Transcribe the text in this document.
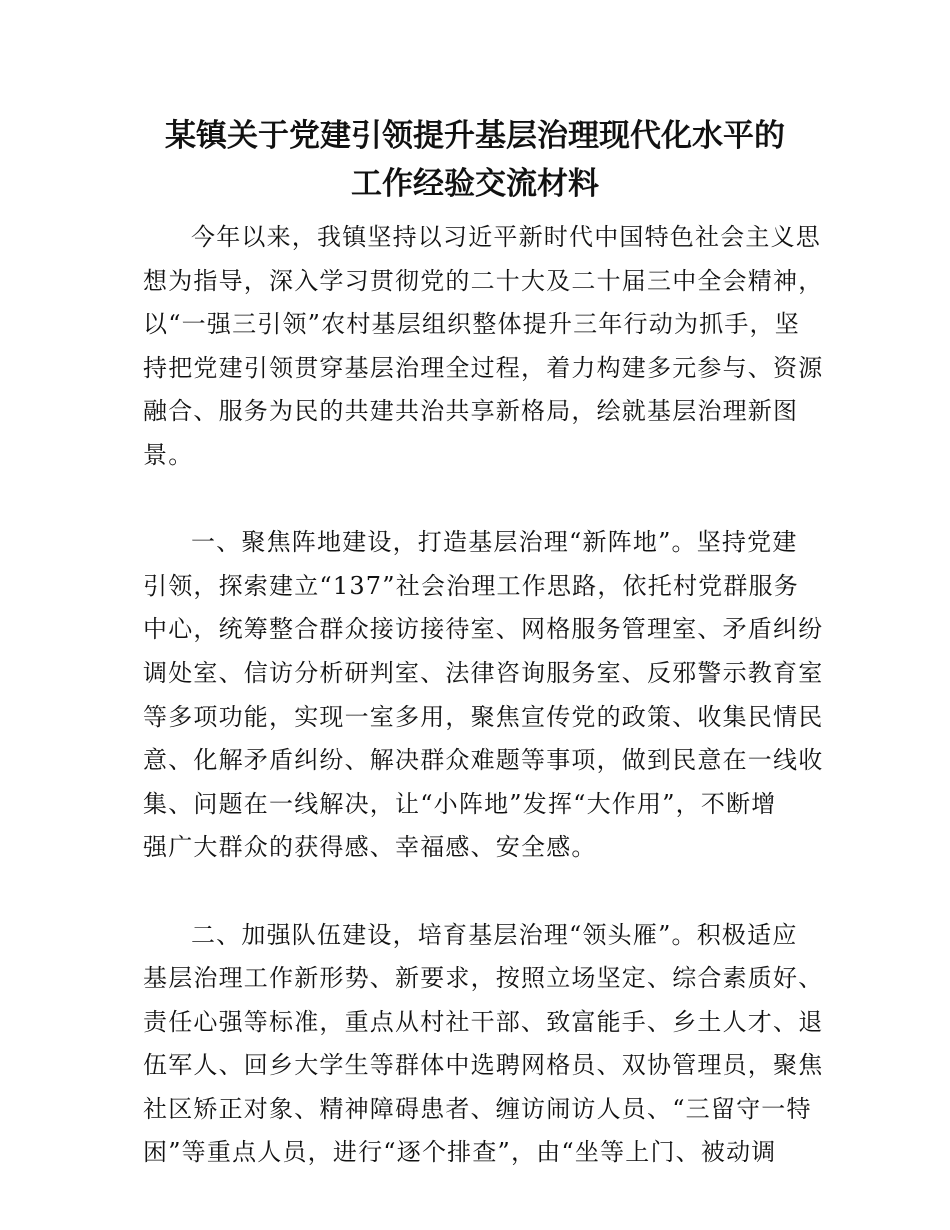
某镇关于党建引领提升基层治理现代化水平的
工作经验交流材料
今年以来，我镇坚持以习近平新时代中国特色社会主义思
想为指导，深入学习贯彻党的二十大及二十届三中全会精神，
以“一强三引领”农村基层组织整体提升三年行动为抓手，坚
持把党建引领贯穿基层治理全过程，着力构建多元参与、资源
融合、服务为民的共建共治共享新格局，绘就基层治理新图
景。
一、聚焦阵地建设，打造基层治理“新阵地”。坚持党建
引领，探索建立“137”社会治理工作思路，依托村党群服务
中心，统筹整合群众接访接待室、网格服务管理室、矛盾纠纷
调处室、信访分析研判室、法律咨询服务室、反邪警示教育室
等多项功能，实现一室多用，聚焦宣传党的政策、收集民情民
意、化解矛盾纠纷、解决群众难题等事项，做到民意在一线收
集、问题在一线解决，让“小阵地”发挥“大作用”，不断增
强广大群众的获得感、幸福感、安全感。
二、加强队伍建设，培育基层治理“领头雁”。积极适应
基层治理工作新形势、新要求，按照立场坚定、综合素质好、
责任心强等标准，重点从村社干部、致富能手、乡土人才、退
伍军人、回乡大学生等群体中选聘网格员、双协管理员，聚焦
社区矫正对象、精神障碍患者、缠访闹访人员、“三留守一特
困”等重点人员，进行“逐个排查”，由“坐等上门、被动调
